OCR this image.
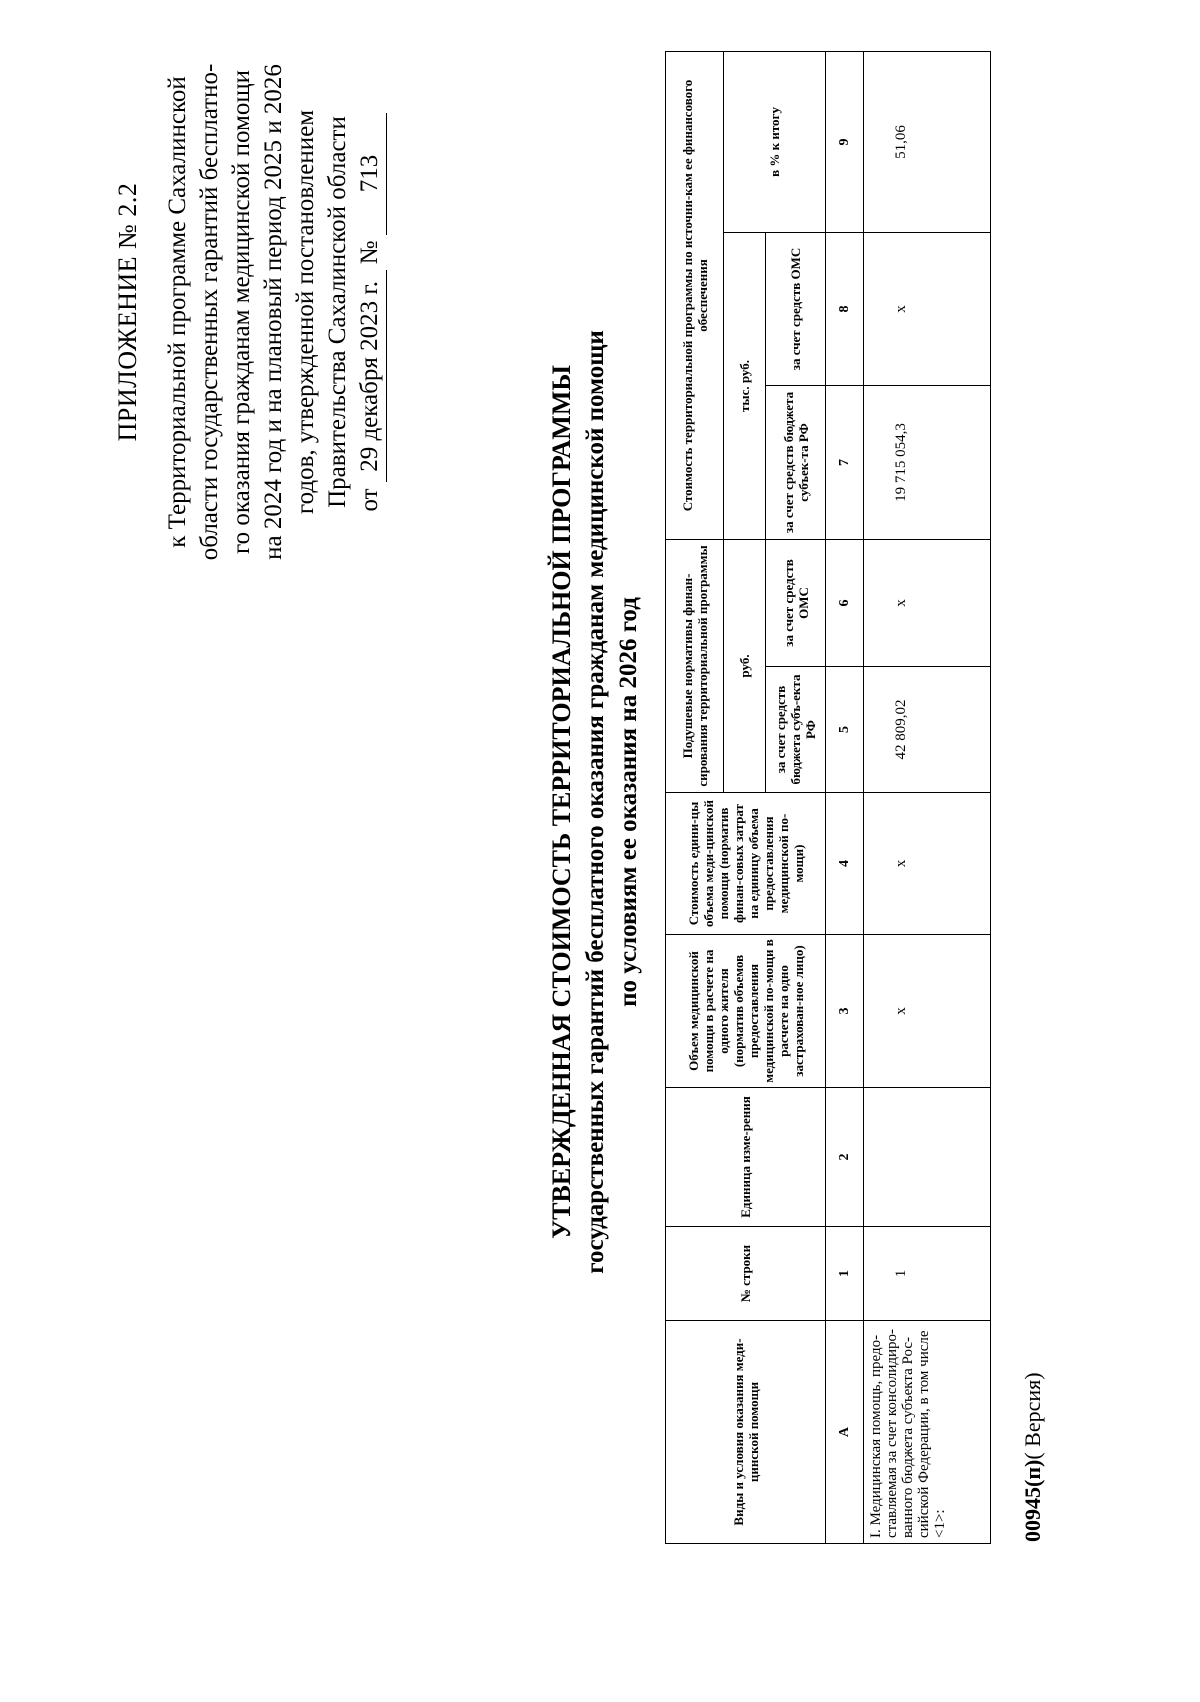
ПРИЛОЖЕНИЕ № 2.2 к Территориальной программе Сахалинской области государственных гарантий бесплатно- го оказания гражданам медицинской помощи на 2024 год и на плановый период 2025 и 2026 годов, утвержденной постановлением Правительства Сахалинской области от
29 декабря 2023 г.
№
713
УТВЕРЖДЕННАЯ СТОИМОСТЬ ТЕРРИТОРИАЛЬНОЙ ПРОГРАММЫ государственных гарантий бесплатного оказания гражданам медицинской помощи по условиям ее оказания на 2026 год
Виды и условия оказания меди-цинской помощи	№ строки	Единица изме-рения	Объем медицинской помощи в расчете на одного жителя (норматив объемов предоставления медицинской по-мощи в расчете на одно застрахован-ное лицо)	Стоимость едини-цы объема меди-цинской помощи (норматив финан-совых затрат на единицу объема предоставления медицинской по-мощи)	Подушевые нормативы финан-сирования территориальной программы		Стоимость территориальной программы по источни-кам ее финансового обеспечения		
					руб.		тыс. руб.		в % к итогу
					за счет средств бюджета субъ-екта РФ	за счет средств ОМС	за счет средств бюджета субъек-та РФ	за счет средств ОМС	
А	1	2	3	4	5	6	7	8	9
I. Медицинская помощь, предо-ставляемая за счет консолидиро-ванного бюджета субъекта Рос-сийской Федерации, в том числе <1>:	1		x	x	42 809,02	x	19 715 054,3	x	51,06
00945(п)( Версия)
